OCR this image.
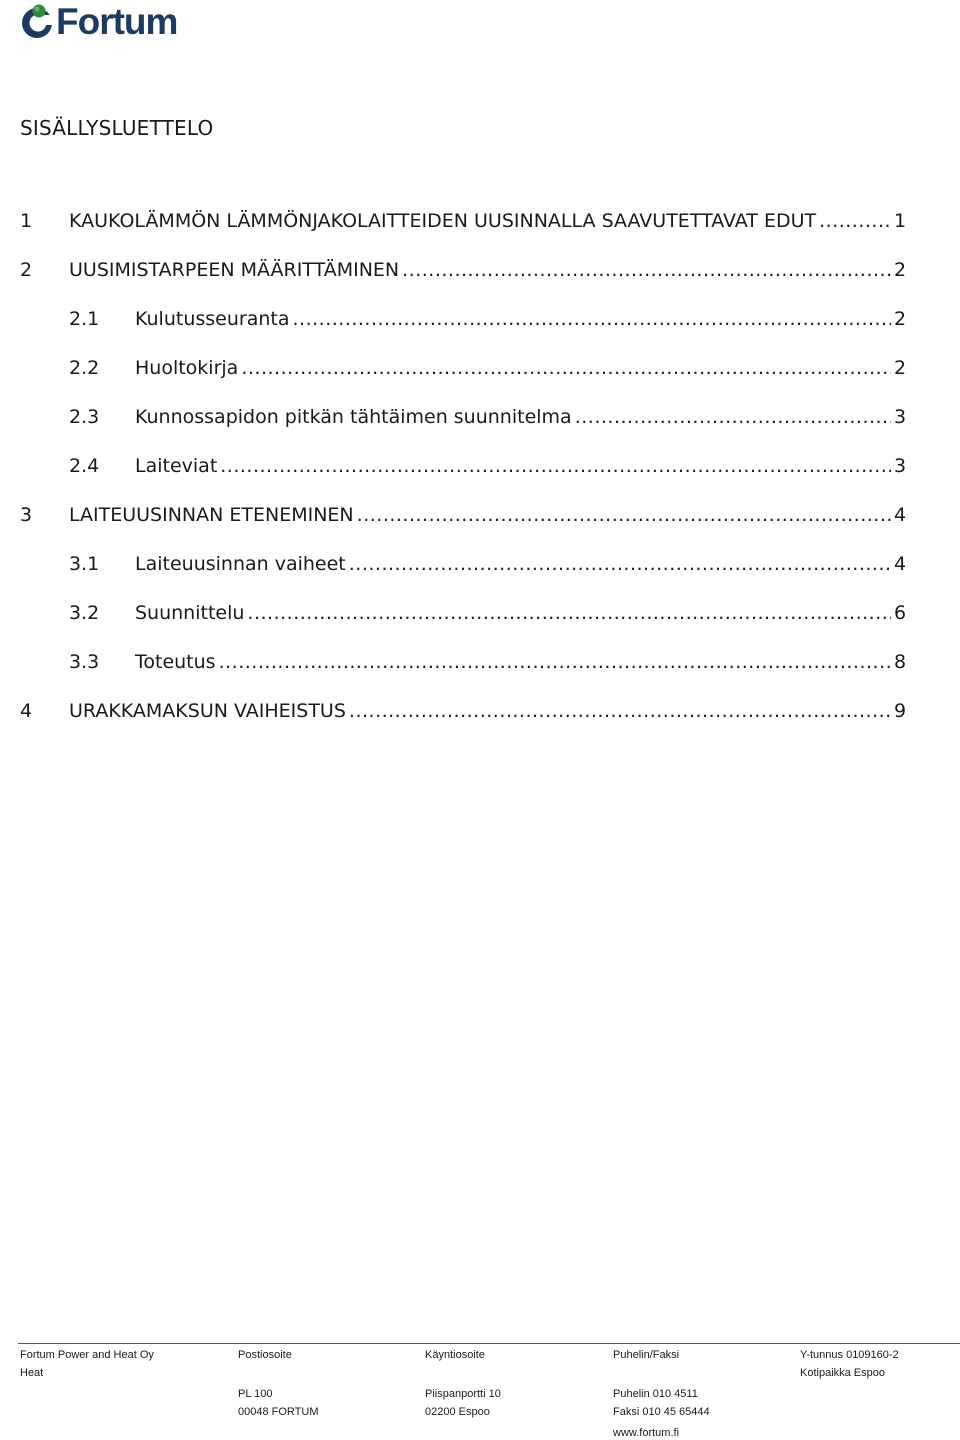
Fortum
SISÄLLYSLUETTELO
1	KAUKOLÄMMÖN LÄMMÖNJAKOLAITTEIDEN UUSINNALLA SAAVUTETTAVAT EDUT .....	1
2	UUSIMISTARPEEN MÄÄRITTÄMINEN .....	2
2.1	Kulutusseuranta .....	2
2.2	Huoltokirja .....	2
2.3	Kunnossapidon pitkän tähtäimen suunnitelma .....	3
2.4	Laiteviat .....	3
3	LAITEUUSINNAN ETENEMINEN .....	4
3.1	Laiteuusinnan vaiheet .....	4
3.2	Suunnittelu .....	6
3.3	Toteutus .....	8
4	URAKKAMAKSUN VAIHEISTUS .....	9
Fortum Power and Heat Oy
Heat
Postiosoite
PL 100
00048 FORTUM
Käyntiosoite
Piispanportti 10
02200 Espoo
Puhelin/Faksi
Puhelin 010 4511
Faksi 010 45 65444
www.fortum.fi
Y-tunnus 0109160-2
Kotipaikka Espoo
